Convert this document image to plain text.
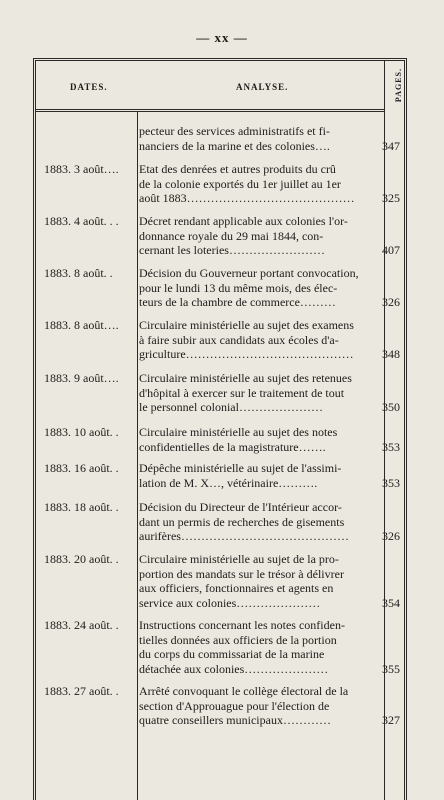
— xx —
DATES.	ANALYSE.	PAGES.
pecteur des services administratifs et fi-
nanciers de la marine et des colonies….	347
1883. 3 août….	Etat des denrées et autres produits du crû
de la colonie exportés du 1er juillet au 1er
août 1883……………………………………	325
1883. 4 août. . .	Décret rendant applicable aux colonies l'or-
donnance royale du 29 mai 1844, con-
cernant les loteries……………………	407
1883. 8 août. .	Décision du Gouverneur portant convocation,
pour le lundi 13 du même mois, des élec-
teurs de la chambre de commerce………	326
1883. 8 août….	Circulaire ministérielle au sujet des examens
à faire subir aux candidats aux écoles d'a-
griculture……………………………………	348
1883. 9 août….	Circulaire ministérielle au sujet des retenues
d'hôpital à exercer sur le traitement de tout
le personnel colonial…………………	350
1883. 10 août. .	Circulaire ministérielle au sujet des notes
confidentielles de la magistrature…….	353
1883. 16 août. .	Dépêche ministérielle au sujet de l'assimi-
lation de M. X…, vétérinaire……….	353
1883. 18 août. .	Décision du Directeur de l'Intérieur accor-
dant un permis de recherches de gisements
aurifères……………………………………	326
1883. 20 août. .	Circulaire ministérielle au sujet de la pro-
portion des mandats sur le trésor à délivrer
aux officiers, fonctionnaires et agents en
service aux colonies…………………	354
1883. 24 août. .	Instructions concernant les notes confiden-
tielles données aux officiers de la portion
du corps du commissariat de la marine
détachée aux colonies…………………	355
1883. 27 août. .	Arrêté convoquant le collège électoral de la
section d'Approuague pour l'élection de
quatre conseillers municipaux…………	327
